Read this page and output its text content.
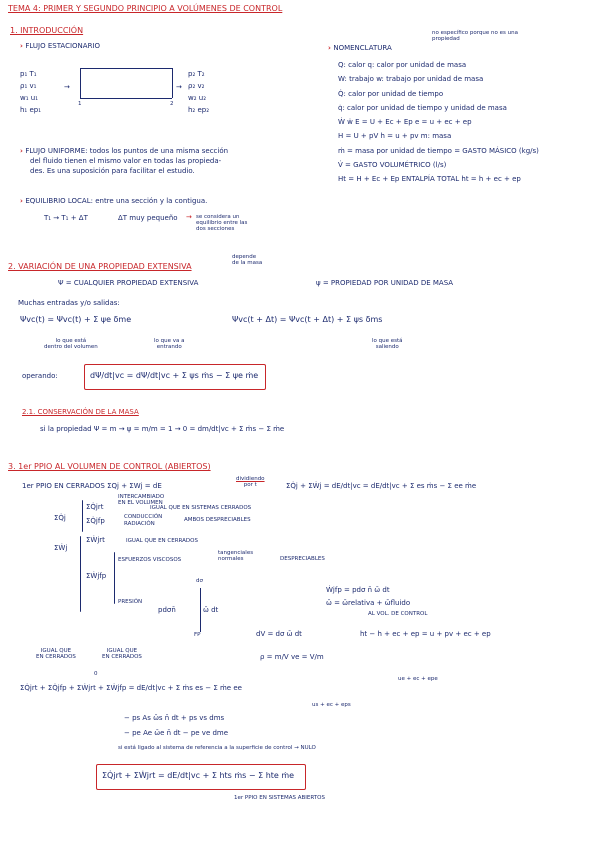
TEMA 4: PRIMER Y SEGUNDO PRINCIPIO A VOLÚMENES DE CONTROL
1. INTRODUCCIÓN
› FLUJO ESTACIONARIO
p₁ T₁
ρ₁ v₁
w₁ u₁
h₁ ep₁
p₂ T₂
ρ₂ v₂
w₂ u₂
h₂ ep₂
→	→
1	2
› FLUJO UNIFORME: todos los puntos de una misma sección
del fluido tienen el mismo valor en todas las propieda-
des. Es una suposición para facilitar el estudio.
› EQUILIBRIO LOCAL: entre una sección y la contigua.
T₁ → T₁ + ΔT	ΔT muy pequeño	se considera un
equilibrio entre las
dos secciones
→
› NOMENCLATURA
no específico porque no es una propiedad
Q: calor q: calor por unidad de masa
W: trabajo w: trabajo por unidad de masa
Q̇: calor por unidad de tiempo
q̇: calor por unidad de tiempo y unidad de masa
Ẇ ẇ E = U + Ec + Ep e = u + ec + ep
H = U + pV h = u + pv m: masa
ṁ = masa por unidad de tiempo = GASTO MÁSICO (kg/s)
V̇ = GASTO VOLUMÉTRICO (l/s)
Ht = H + Ec + Ep ENTALPÍA TOTAL ht = h + ec + ep
2. VARIACIÓN DE UNA PROPIEDAD EXTENSIVA
depende
de la masa
Ψ = CUALQUIER PROPIEDAD EXTENSIVA	ψ = PROPIEDAD POR UNIDAD DE MASA
Muchas entradas y/o salidas:
Ψvc(t) = Ψvc(t) + Σ ψe δme	Ψvc(t + Δt) = Ψvc(t + Δt) + Σ ψs δms
lo que está
dentro del volumen
lo que va a
entrando
lo que está
saliendo
operando:	dΨ/dt|vc = dΨ/dt|vc + Σ ψs ṁs − Σ ψe ṁe
2.1. CONSERVACIÓN DE LA MASA
si la propiedad Ψ = m → ψ = m/m = 1 → 0 = dm/dt|vc + Σ ṁs − Σ ṁe
3. 1er PPIO AL VOLUMEN DE CONTROL (ABIERTOS)
1er PPIO EN CERRADOS ΣQj + ΣWj = dE
dividiendo
por t	ΣQ̇j + ΣẆj = dE/dt|vc = dE/dt|vc + Σ es ṁs − Σ ee ṁe
ΣQ̇j
ΣQ̇jrt
ΣQ̇jfp
INTERCAMBIADO
EN EL VOLUMEN
IGUAL QUE EN SISTEMAS CERRADOS
CONDUCCIÓN
RADIACIÓN
AMBOS DESPRECIABLES
ΣẆj
ΣẆjrt	IGUAL QUE EN CERRADOS
ΣẆjfp
ESFUERZOS VISCOSOS
tangenciales
normales	DESPRECIABLES
PRESIÓN
dσ
FP
pdσn̄	ω̄ dt
Ẇjfp = pdσ n̄ ω̄ dt
ω̄ = ω̄relativa + ω̄fluido
AL VOL. DE CONTROL
dV = dσ ω̄ dt	ht − h + ec + ep = u + pv + ec + ep
ρ = m/V ve = V/m
IGUAL QUE
EN CERRADOS
IGUAL QUE
EN CERRADOS
0
ΣQ̇jrt + ΣQ̇jfp + ΣẆjrt + ΣẆjfp = dE/dt|vc + Σ ṁs es − Σ ṁe ee
ue + ec + epe
us + ec + eps
− ps As ω̄s n̄ dt + ps vs dms
− pe Ae ω̄e n̄ dt − pe ve dme
si está ligado al sistema de referencia a la superficie de control → NULO
ΣQ̇jrt + ΣẆjrt = dE/dt|vc + Σ hts ṁs − Σ hte ṁe
1er PPIO EN SISTEMAS ABIERTOS
